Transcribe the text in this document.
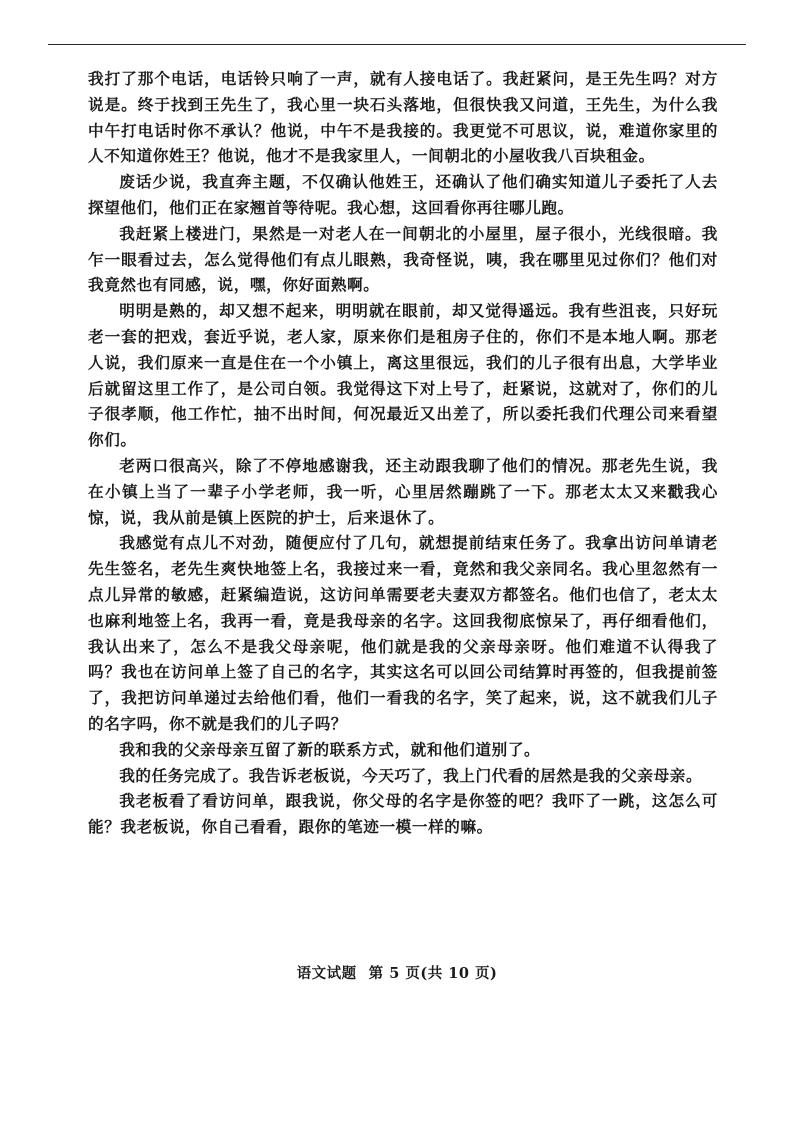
我打了那个电话，电话铃只响了一声，就有人接电话了。我赶紧问，是王先生吗？对方说是。终于找到王先生了，我心里一块石头落地，但很快我又问道，王先生，为什么我中午打电话时你不承认？他说，中午不是我接的。我更觉不可思议，说，难道你家里的人不知道你姓王？他说，他才不是我家里人，一间朝北的小屋收我八百块租金。

废话少说，我直奔主题，不仅确认他姓王，还确认了他们确实知道儿子委托了人去探望他们，他们正在家翘首等待呢。我心想，这回看你再往哪儿跑。

我赶紧上楼进门，果然是一对老人在一间朝北的小屋里，屋子很小，光线很暗。我乍一眼看过去，怎么觉得他们有点儿眼熟，我奇怪说，咦，我在哪里见过你们？他们对我竟然也有同感，说，嘿，你好面熟啊。

明明是熟的，却又想不起来，明明就在眼前，却又觉得遥远。我有些沮丧，只好玩老一套的把戏，套近乎说，老人家，原来你们是租房子住的，你们不是本地人啊。那老人说，我们原来一直是住在一个小镇上，离这里很远，我们的儿子很有出息，大学毕业后就留这里工作了，是公司白领。我觉得这下对上号了，赶紧说，这就对了，你们的儿子很孝顺，他工作忙，抽不出时间，何况最近又出差了，所以委托我们代理公司来看望你们。

老两口很高兴，除了不停地感谢我，还主动跟我聊了他们的情况。那老先生说，我在小镇上当了一辈子小学老师，我一听，心里居然蹦跳了一下。那老太太又来戳我心惊，说，我从前是镇上医院的护士，后来退休了。

我感觉有点儿不对劲，随便应付了几句，就想提前结束任务了。我拿出访问单请老先生签名，老先生爽快地签上名，我接过来一看，竟然和我父亲同名。我心里忽然有一点儿异常的敏感，赶紧编造说，这访问单需要老夫妻双方都签名。他们也信了，老太太也麻利地签上名，我再一看，竟是我母亲的名字。这回我彻底惊呆了，再仔细看他们，我认出来了，怎么不是我父母亲呢，他们就是我的父亲母亲呀。他们难道不认得我了吗？我也在访问单上签了自己的名字，其实这名可以回公司结算时再签的，但我提前签了，我把访问单递过去给他们看，他们一看我的名字，笑了起来，说，这不就我们儿子的名字吗，你不就是我们的儿子吗？

我和我的父亲母亲互留了新的联系方式，就和他们道别了。

我的任务完成了。我告诉老板说，今天巧了，我上门代看的居然是我的父亲母亲。

我老板看了看访问单，跟我说，你父母的名字是你签的吧？我吓了一跳，这怎么可能？我老板说，你自己看看，跟你的笔迹一模一样的嘛。

语文试题 第 5 页(共 10 页)
